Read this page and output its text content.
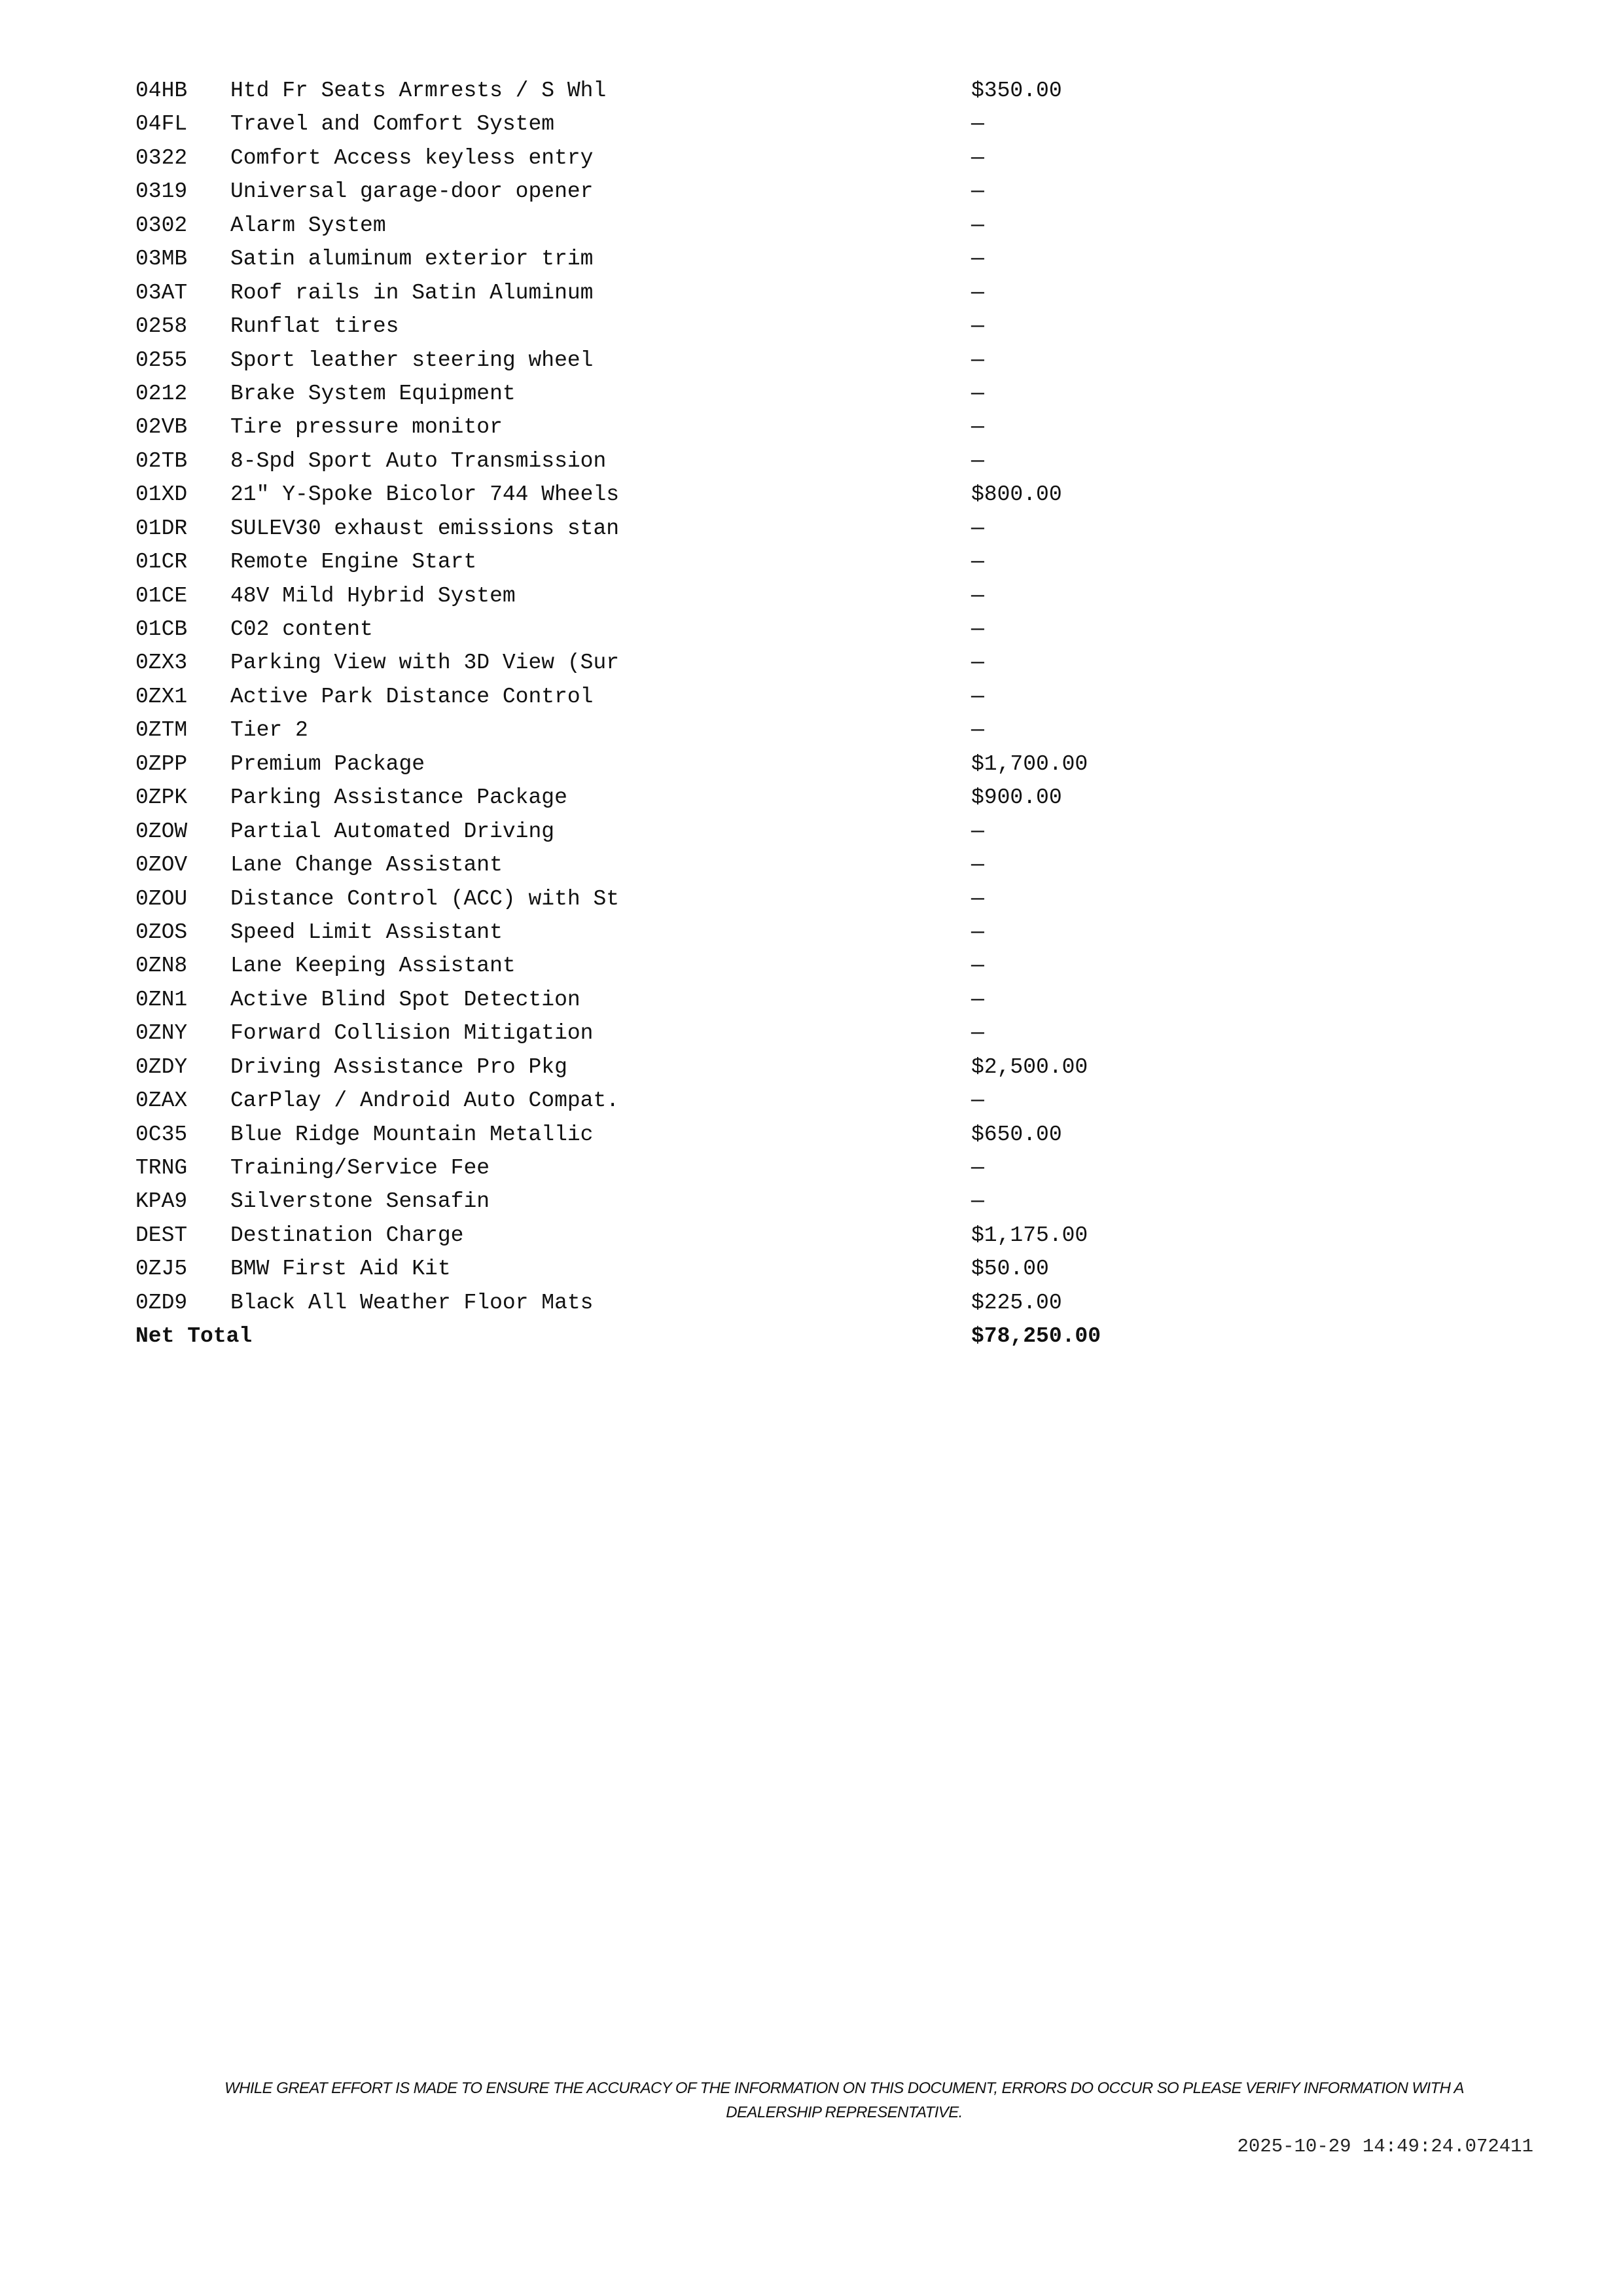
04HB Htd Fr Seats Armrests / S Whl	$350.00
04FL Travel and Comfort System	—
0322 Comfort Access keyless entry	—
0319 Universal garage-door opener	—
0302 Alarm System	—
03MB Satin aluminum exterior trim	—
03AT Roof rails in Satin Aluminum	—
0258 Runflat tires	—
0255 Sport leather steering wheel	—
0212 Brake System Equipment	—
02VB Tire pressure monitor	—
02TB 8-Spd Sport Auto Transmission	—
01XD 21" Y-Spoke Bicolor 744 Wheels	$800.00
01DR SULEV30 exhaust emissions stan	—
01CR Remote Engine Start	—
01CE 48V Mild Hybrid System	—
01CB C02 content	—
0ZX3 Parking View with 3D View (Sur	—
0ZX1 Active Park Distance Control	—
0ZTM Tier 2	—
0ZPP Premium Package	$1,700.00
0ZPK Parking Assistance Package	$900.00
0ZOW Partial Automated Driving	—
0ZOV Lane Change Assistant	—
0ZOU Distance Control (ACC) with St	—
0ZOS Speed Limit Assistant	—
0ZN8 Lane Keeping Assistant	—
0ZN1 Active Blind Spot Detection	—
0ZNY Forward Collision Mitigation	—
0ZDY Driving Assistance Pro Pkg	$2,500.00
0ZAX CarPlay / Android Auto Compat.	—
0C35 Blue Ridge Mountain Metallic	$650.00
TRNG Training/Service Fee	—
KPA9 Silverstone Sensafin	—
DEST Destination Charge	$1,175.00
0ZJ5 BMW First Aid Kit	$50.00
0ZD9 Black All Weather Floor Mats	$225.00
Net Total	$78,250.00
WHILE GREAT EFFORT IS MADE TO ENSURE THE ACCURACY OF THE INFORMATION ON THIS DOCUMENT, ERRORS DO OCCUR SO PLEASE VERIFY INFORMATION WITH A
DEALERSHIP REPRESENTATIVE.
2025-10-29 14:49:24.072411
